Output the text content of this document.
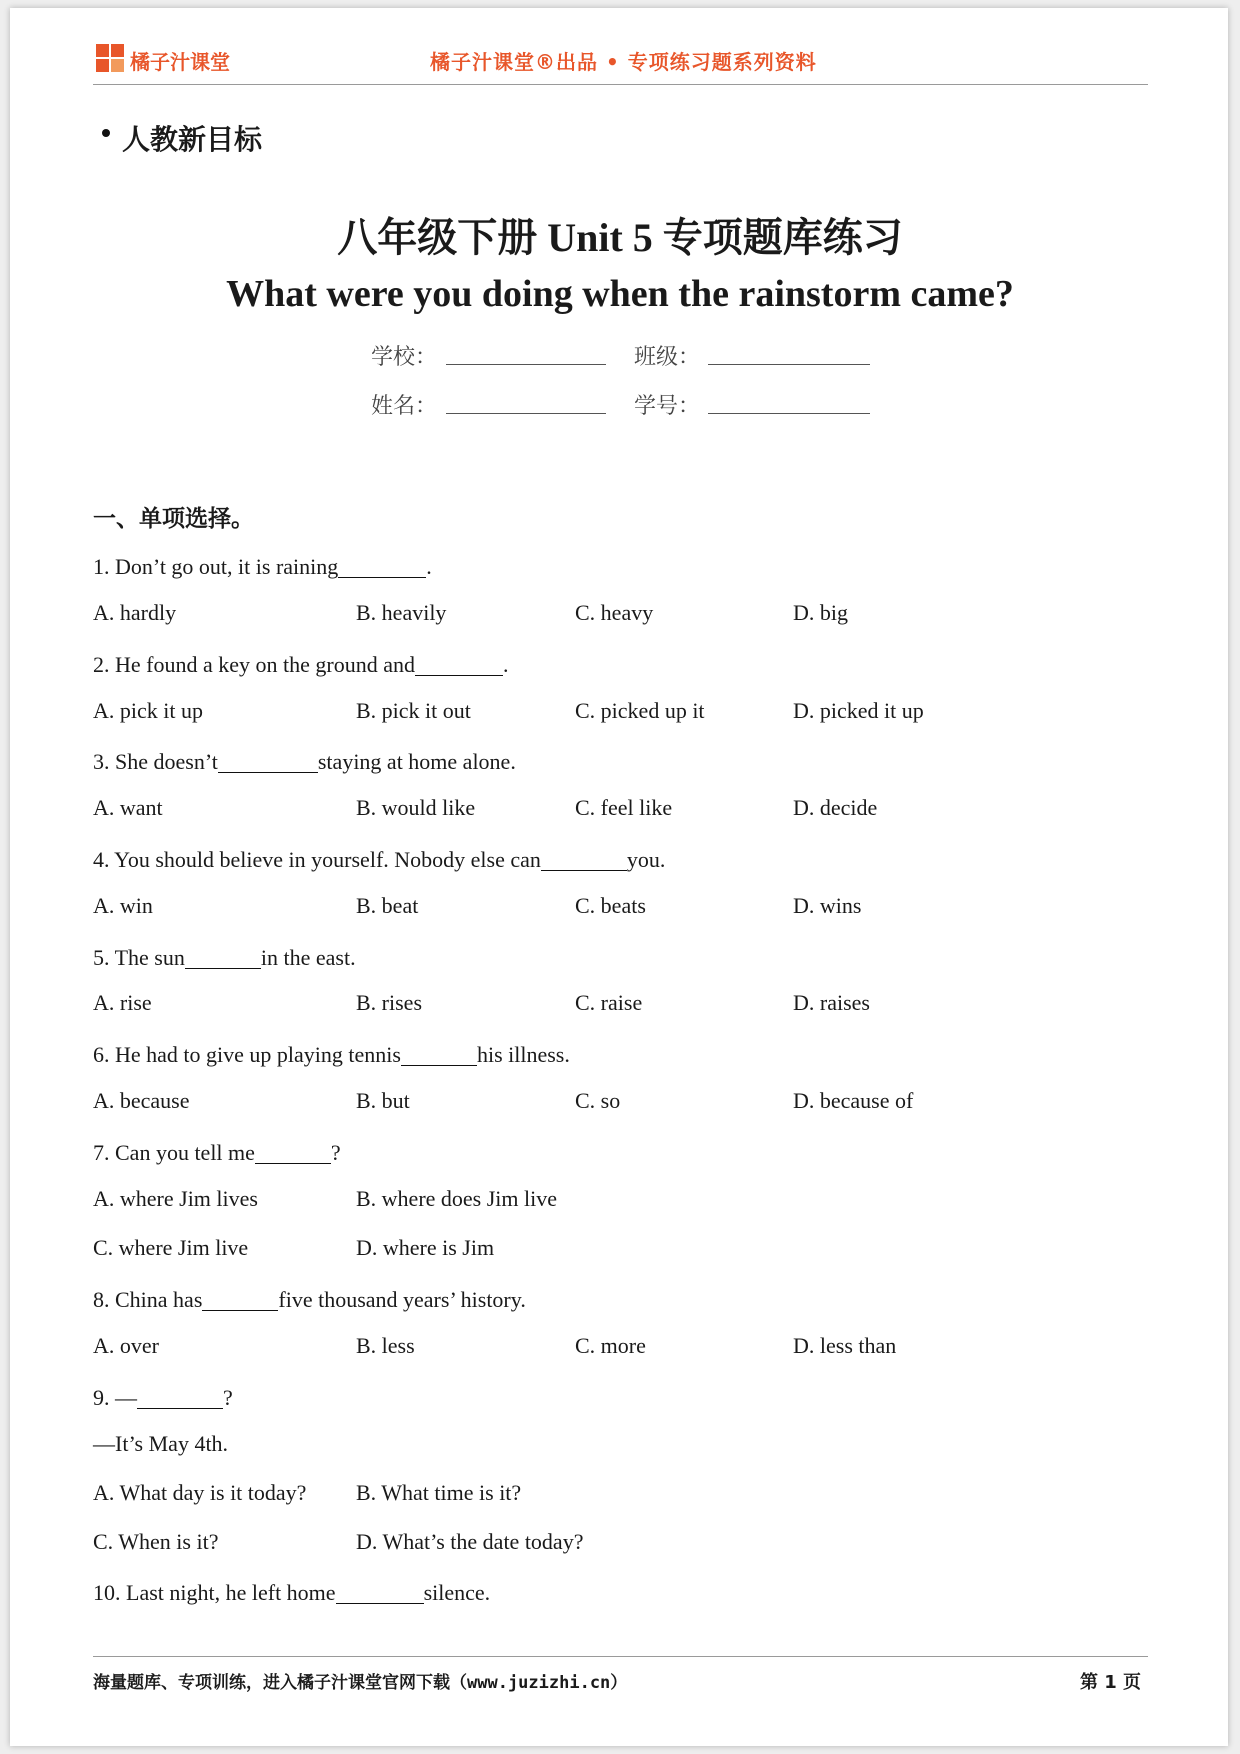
橘子汁课堂	橘子汁课堂®出品 • 专项练习题系列资料
人教新目标
八年级下册 Unit 5 专项题库练习
What were you doing when the rainstorm came?
学校：	班级：
姓名：	学号：
一、单项选择。
1. Don’t go out, it is raining	.
A. hardly	B. heavily	C. heavy	D. big
2. He found a key on the ground and	.
A. pick it up	B. pick it out	C. picked up it	D. picked it up
3. She doesn’t	staying at home alone.
A. want	B. would like	C. feel like	D. decide
4. You should believe in yourself. Nobody else can	you.
A. win	B. beat	C. beats	D. wins
5. The sun	in the east.
A. rise	B. rises	C. raise	D. raises
6. He had to give up playing tennis	his illness.
A. because	B. but	C. so	D. because of
7. Can you tell me	?
A. where Jim lives	B. where does Jim live
C. where Jim live	D. where is Jim
8. China has	five thousand years’ history.
A. over	B. less	C. more	D. less than
9. —	?
—It’s May 4th.
A. What day is it today? B. What time is it?
C. When is it?	D. What’s the date today?
10. Last night, he left home	silence.
海量题库、专项训练，进入橘子汁课堂官网下载（www.juzizhi.cn）	第 1 页
